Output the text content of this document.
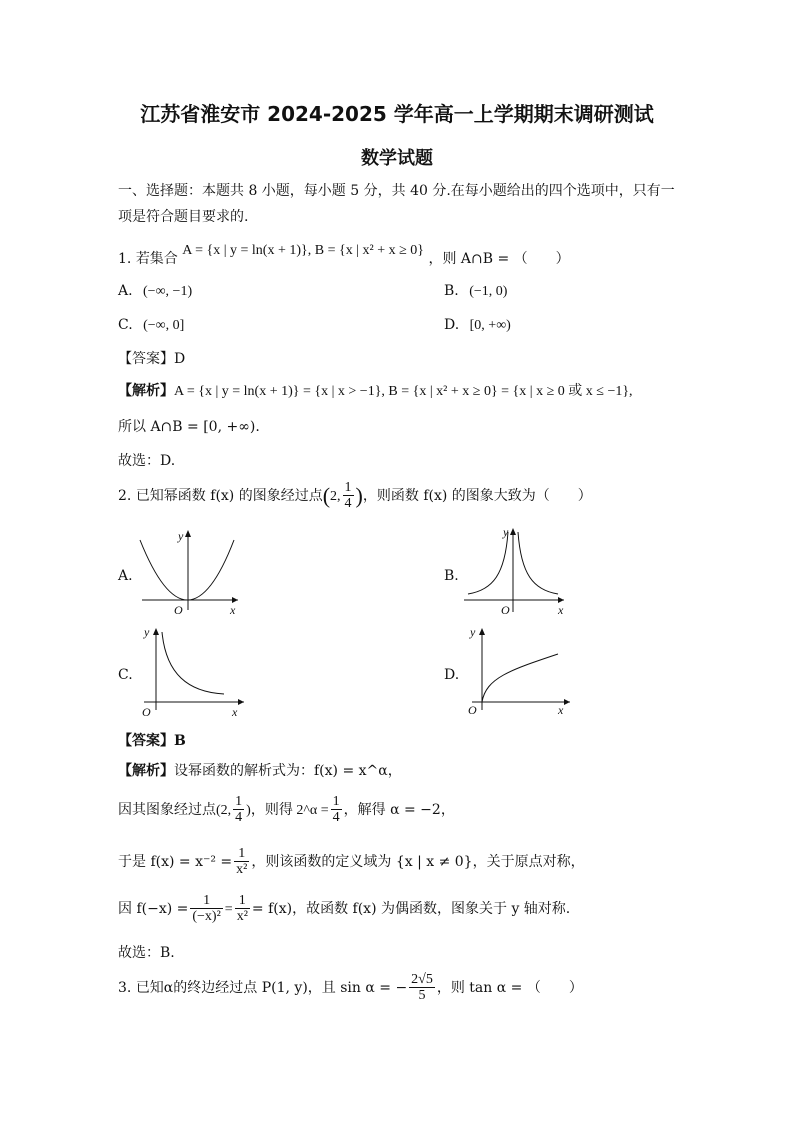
江苏省淮安市 2024-2025 学年高一上学期期末调研测试
数学试题
一、选择题：本题共 8 小题，每小题 5 分，共 40 分.在每小题给出的四个选项中，只有一
项是符合题目要求的.
1. 若集合 A = {x | y = ln(x + 1)}, B = {x | x² + x ≥ 0} ，则 A∩B = （　　）
A. (−∞, −1)	B. (−1, 0)
C. (−∞, 0]	D. [0, +∞)
【答案】D
【解析】A = {x | y = ln(x + 1)} = {x | x > −1}, B = {x | x² + x ≥ 0} = {x | x ≥ 0 或 x ≤ −1},
所以 A∩B = [0, +∞).
故选：D.
2. 已知幂函数 f(x) 的图象经过点(2, $\frac{1}{4}$ )，则函数 f(x) 的图象大致为（　　）
A.	B.
C.	D.
y
x
O
y
x
O
y
x
O
y
x
O
【答案】B
【解析】设幂函数的解析式为：f(x) = x^α，
因其图象经过点(2, $\frac{1}{4}$ )，则得 2^α = $\frac{1}{4}$ ，解得 α = −2，
于是 $f(x) = x^{-2} = \frac{1}{\text{x²}}$ ，则该函数的定义域为 {x | x ≠ 0}，关于原点对称，
因 $f(-x) = \frac{1}{\text{(−x)²}} = \frac{1}{\text{x²}} = f(x)$，故函数 f(x) 为偶函数，图象关于 y 轴对称.
故选：B.
3. 已知α的终边经过点 P(1, y)，且 sin α = − $\frac{2√5}{5}$ ，则 tan α = （　　）
